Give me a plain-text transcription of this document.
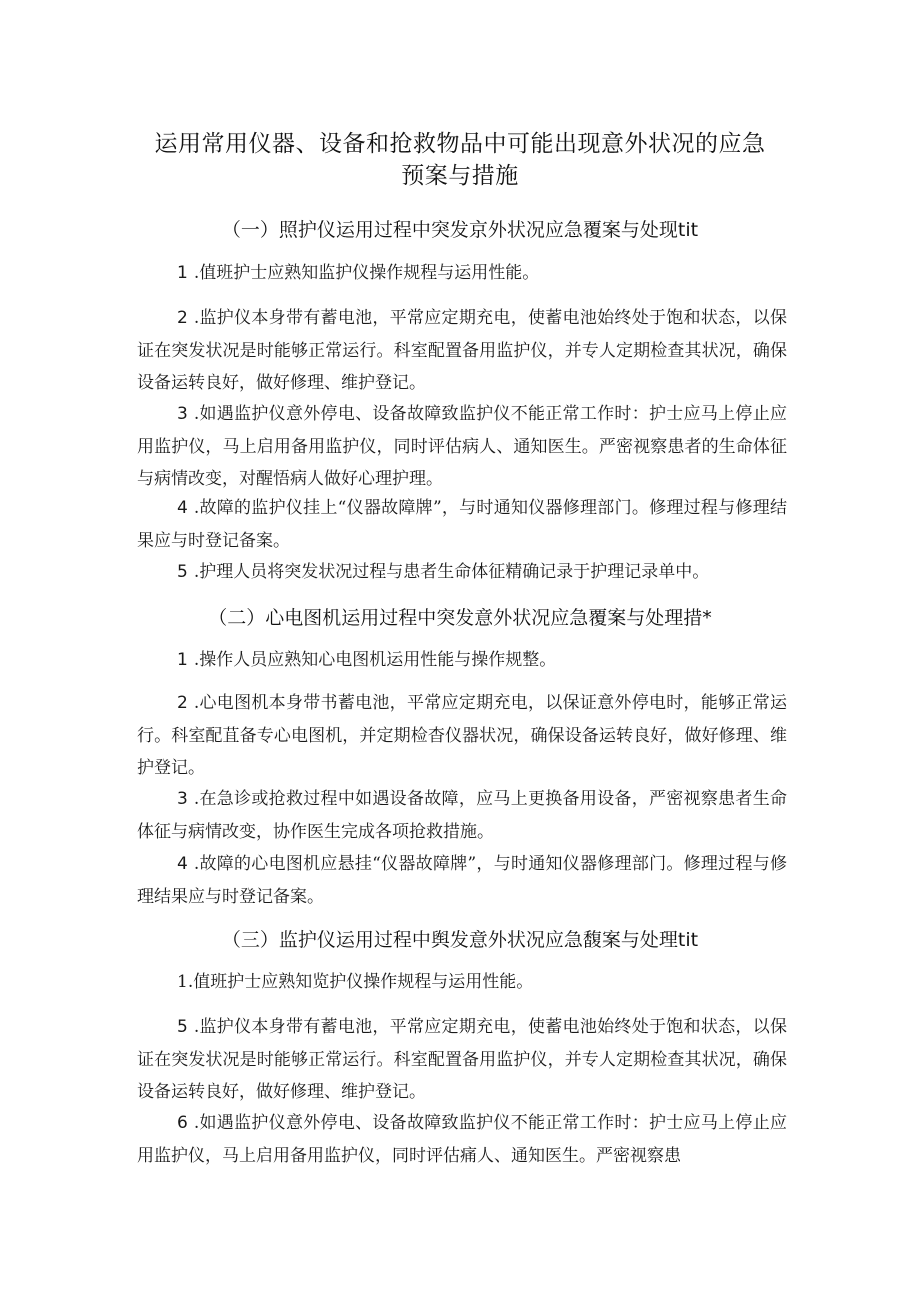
运用常用仪器、设备和抢救物品中可能出现意外状况的应急
预案与措施
（一）照护仪运用过程中突发京外状况应急覆案与处现tit

1 .值班护士应熟知监护仪操作规程与运用性能。

2 .监护仪本身带有蓄电池，平常应定期充电，使蓄电池始终处于饱和状态，以保证在突发状况是时能够正常运行。科室配置备用监护仪，并专人定期检查其状况，确保设备运转良好，做好修理、维护登记。

3 .如遇监护仪意外停电、设备故障致监护仪不能正常工作时：护士应马上停止应用监护仪，马上启用备用监护仪，同时评估病人、通知医生。严密视察患者的生命体征与病情改变，对醒悟病人做好心理护理。

4 .故障的监护仪挂上“仪器故障牌”，与时通知仪器修理部门。修理过程与修理结果应与时登记备案。

5 .护理人员将突发状况过程与患者生命体征精确记录于护理记录单中。

（二）心电图机运用过程中突发意外状况应急覆案与处理措*

1 .操作人员应熟知心电图机运用性能与操作规整。

2 .心电图机本身带书蓄电池，平常应定期充电，以保证意外停电时，能够正常运行。科室配苴备专心电图机，并定期检杳仪器状况，确保设备运转良好，做好修理、维护登记。

3 .在急诊或抢救过程中如遇设备故障，应马上更换备用设备，严密视察患者生命体征与病情改变，协作医生完成各项抢救措施。

4 .故障的心电图机应悬挂“仪器故障牌”，与时通知仪器修理部门。修理过程与修理结果应与时登记备案。

（三）监护仪运用过程中舆发意外状况应急馥案与处理tit

1.值班护士应熟知览护仪操作规程与运用性能。

5 .监护仪本身带有蓄电池，平常应定期充电，使蓄电池始终处于饱和状态，以保证在突发状况是时能够正常运行。科室配置备用监护仪，并专人定期检查其状况，确保设备运转良好，做好修理、维护登记。

6 .如遇监护仪意外停电、设备故障致监护仪不能正常工作时：护士应马上停止应用监护仪，马上启用备用监护仪，同时评估痛人、通知医生。严密视察患
